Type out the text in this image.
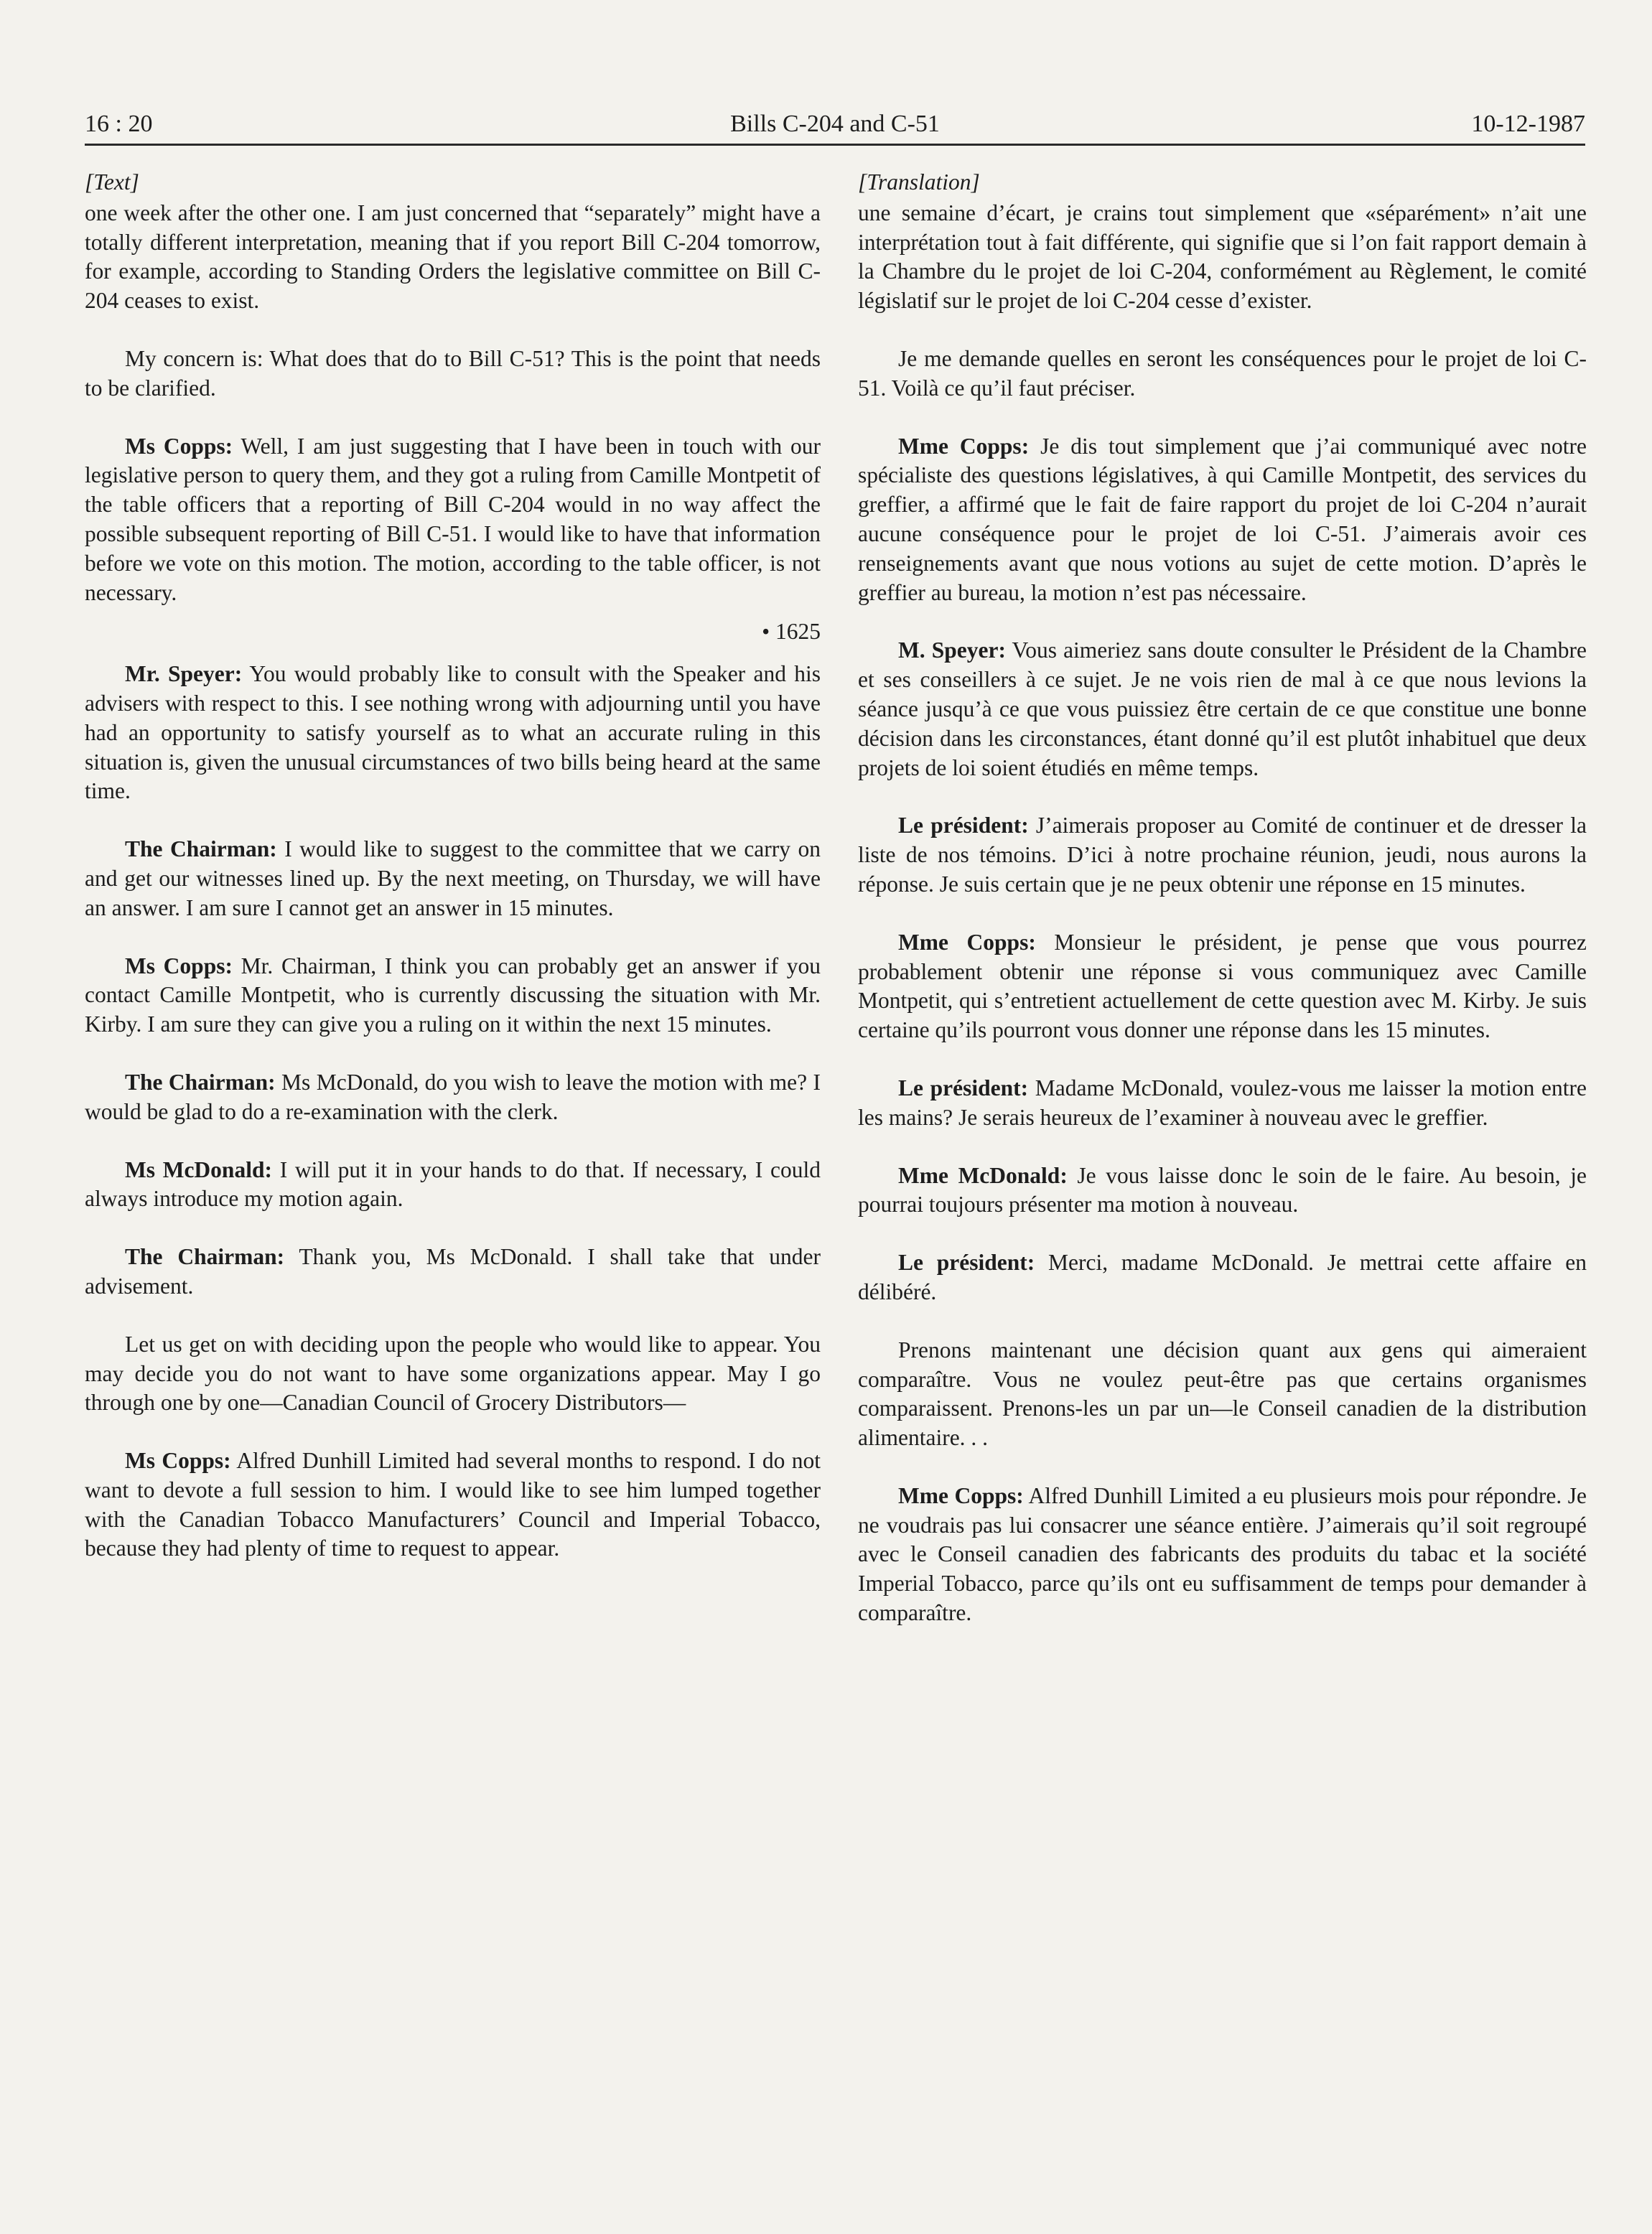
16 : 20	Bills C-204 and C-51	10-12-1987

[Text]

one week after the other one. I am just concerned that “separately” might have a totally different interpretation, meaning that if you report Bill C-204 tomorrow, for example, according to Standing Orders the legislative committee on Bill C-204 ceases to exist.

My concern is: What does that do to Bill C-51? This is the point that needs to be clarified.

Ms Copps: Well, I am just suggesting that I have been in touch with our legislative person to query them, and they got a ruling from Camille Montpetit of the table officers that a reporting of Bill C-204 would in no way affect the possible subsequent reporting of Bill C-51. I would like to have that information before we vote on this motion. The motion, according to the table officer, is not necessary.

• 1625

Mr. Speyer: You would probably like to consult with the Speaker and his advisers with respect to this. I see nothing wrong with adjourning until you have had an opportunity to satisfy yourself as to what an accurate ruling in this situation is, given the unusual circumstances of two bills being heard at the same time.

The Chairman: I would like to suggest to the committee that we carry on and get our witnesses lined up. By the next meeting, on Thursday, we will have an answer. I am sure I cannot get an answer in 15 minutes.

Ms Copps: Mr. Chairman, I think you can probably get an answer if you contact Camille Montpetit, who is currently discussing the situation with Mr. Kirby. I am sure they can give you a ruling on it within the next 15 minutes.

The Chairman: Ms McDonald, do you wish to leave the motion with me? I would be glad to do a re-examination with the clerk.

Ms McDonald: I will put it in your hands to do that. If necessary, I could always introduce my motion again.

The Chairman: Thank you, Ms McDonald. I shall take that under advisement.

Let us get on with deciding upon the people who would like to appear. You may decide you do not want to have some organizations appear. May I go through one by one—Canadian Council of Grocery Distributors—

Ms Copps: Alfred Dunhill Limited had several months to respond. I do not want to devote a full session to him. I would like to see him lumped together with the Canadian Tobacco Manufacturers’ Council and Imperial Tobacco, because they had plenty of time to request to appear.

[Translation]

une semaine d’écart, je crains tout simplement que «séparément» n’ait une interprétation tout à fait différente, qui signifie que si l’on fait rapport demain à la Chambre du le projet de loi C-204, conformément au Règlement, le comité législatif sur le projet de loi C-204 cesse d’exister.

Je me demande quelles en seront les conséquences pour le projet de loi C-51. Voilà ce qu’il faut préciser.

Mme Copps: Je dis tout simplement que j’ai communiqué avec notre spécialiste des questions législatives, à qui Camille Montpetit, des services du greffier, a affirmé que le fait de faire rapport du projet de loi C-204 n’aurait aucune conséquence pour le projet de loi C-51. J’aimerais avoir ces renseignements avant que nous votions au sujet de cette motion. D’après le greffier au bureau, la motion n’est pas nécessaire.

M. Speyer: Vous aimeriez sans doute consulter le Président de la Chambre et ses conseillers à ce sujet. Je ne vois rien de mal à ce que nous levions la séance jusqu’à ce que vous puissiez être certain de ce que constitue une bonne décision dans les circonstances, étant donné qu’il est plutôt inhabituel que deux projets de loi soient étudiés en même temps.

Le président: J’aimerais proposer au Comité de continuer et de dresser la liste de nos témoins. D’ici à notre prochaine réunion, jeudi, nous aurons la réponse. Je suis certain que je ne peux obtenir une réponse en 15 minutes.

Mme Copps: Monsieur le président, je pense que vous pourrez probablement obtenir une réponse si vous communiquez avec Camille Montpetit, qui s’entretient actuellement de cette question avec M. Kirby. Je suis certaine qu’ils pourront vous donner une réponse dans les 15 minutes.

Le président: Madame McDonald, voulez-vous me laisser la motion entre les mains? Je serais heureux de l’examiner à nouveau avec le greffier.

Mme McDonald: Je vous laisse donc le soin de le faire. Au besoin, je pourrai toujours présenter ma motion à nouveau.

Le président: Merci, madame McDonald. Je mettrai cette affaire en délibéré.

Prenons maintenant une décision quant aux gens qui aimeraient comparaître. Vous ne voulez peut-être pas que certains organismes comparaissent. Prenons-les un par un—le Conseil canadien de la distribution alimentaire. . .

Mme Copps: Alfred Dunhill Limited a eu plusieurs mois pour répondre. Je ne voudrais pas lui consacrer une séance entière. J’aimerais qu’il soit regroupé avec le Conseil canadien des fabricants des produits du tabac et la société Imperial Tobacco, parce qu’ils ont eu suffisamment de temps pour demander à comparaître.
